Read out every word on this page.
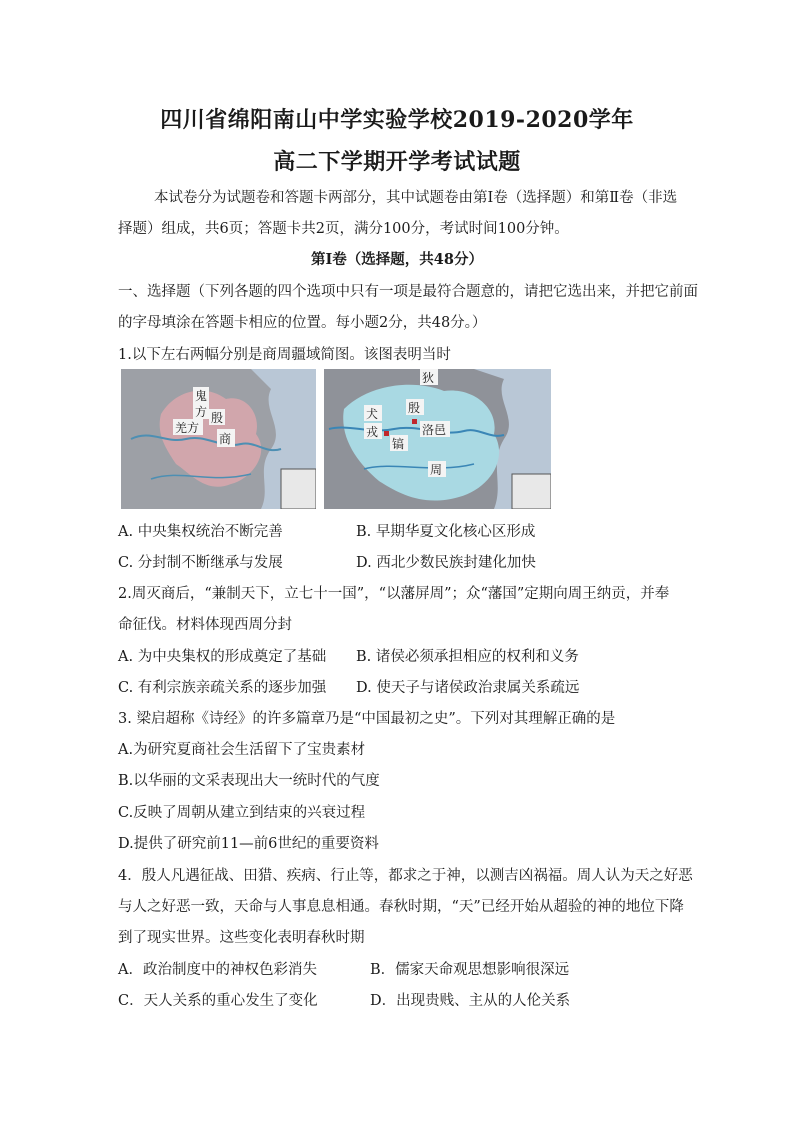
四川省绵阳南山中学实验学校2019-2020学年
高二下学期开学考试试题
本试卷分为试题卷和答题卡两部分，其中试题卷由第Ⅰ卷（选择题）和第Ⅱ卷（非选
择题）组成，共6页；答题卡共2页，满分100分，考试时间100分钟。
第Ⅰ卷（选择题，共48分）
一、选择题（下列各题的四个选项中只有一项是最符合题意的，请把它选出来，并把它前面
的字母填涂在答题卡相应的位置。每小题2分，共48分。）
1.以下左右两幅分别是商周疆域简图。该图表明当时
鬼
方
羌方
殷
商
狄
犬
戎
殷
洛邑
镐
周
A. 中央集权统治不断完善	B. 早期华夏文化核心区形成
C. 分封制不断继承与发展	D. 西北少数民族封建化加快
2.周灭商后，“兼制天下，立七十一国”，“以藩屏周”；众“藩国”定期向周王纳贡，并奉
命征伐。材料体现西周分封
A. 为中央集权的形成奠定了基础 B. 诸侯必须承担相应的权利和义务
C. 有利宗族亲疏关系的逐步加强 D. 使天子与诸侯政治隶属关系疏远
3. 梁启超称《诗经》的许多篇章乃是“中国最初之史”。下列对其理解正确的是
A.为研究夏商社会生活留下了宝贵素材
B.以华丽的文采表现出大一统时代的气度
C.反映了周朝从建立到结束的兴衰过程
D.提供了研究前11—前6世纪的重要资料
4．殷人凡遇征战、田猎、疾病、行止等，都求之于神，以测吉凶祸福。周人认为天之好恶
与人之好恶一致，天命与人事息息相通。春秋时期，“天”已经开始从超验的神的地位下降
到了现实世界。这些变化表明春秋时期
A．政治制度中的神权色彩消失	B．儒家天命观思想影响很深远
C．天人关系的重心发生了变化	D．出现贵贱、主从的人伦关系
